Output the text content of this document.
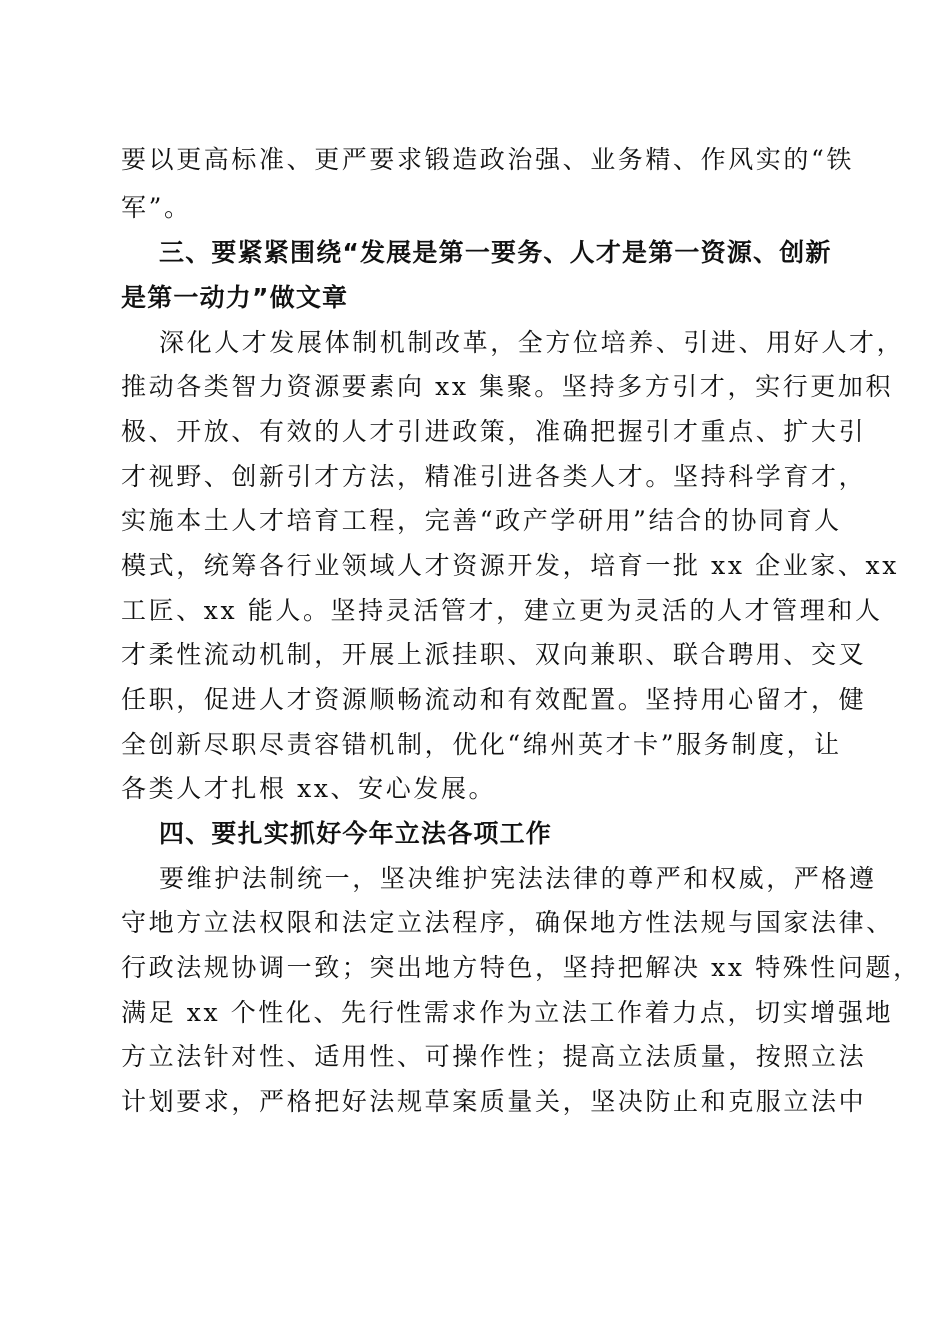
要以更高标准、更严要求锻造政治强、业务精、作风实的“铁
军”。
三、要紧紧围绕“发展是第一要务、人才是第一资源、创新
是第一动力”做文章
深化人才发展体制机制改革，全方位培养、引进、用好人才，
推动各类智力资源要素向 xx 集聚。坚持多方引才，实行更加积
极、开放、有效的人才引进政策，准确把握引才重点、扩大引
才视野、创新引才方法，精准引进各类人才。坚持科学育才，
实施本土人才培育工程，完善“政产学研用”结合的协同育人
模式，统筹各行业领域人才资源开发，培育一批 xx 企业家、xx
工匠、xx 能人。坚持灵活管才，建立更为灵活的人才管理和人
才柔性流动机制，开展上派挂职、双向兼职、联合聘用、交叉
任职，促进人才资源顺畅流动和有效配置。坚持用心留才，健
全创新尽职尽责容错机制，优化“绵州英才卡”服务制度，让
各类人才扎根 xx、安心发展。
四、要扎实抓好今年立法各项工作
要维护法制统一，坚决维护宪法法律的尊严和权威，严格遵
守地方立法权限和法定立法程序，确保地方性法规与国家法律、
行政法规协调一致；突出地方特色，坚持把解决 xx 特殊性问题，
满足 xx 个性化、先行性需求作为立法工作着力点，切实增强地
方立法针对性、适用性、可操作性；提高立法质量，按照立法
计划要求，严格把好法规草案质量关，坚决防止和克服立法中
